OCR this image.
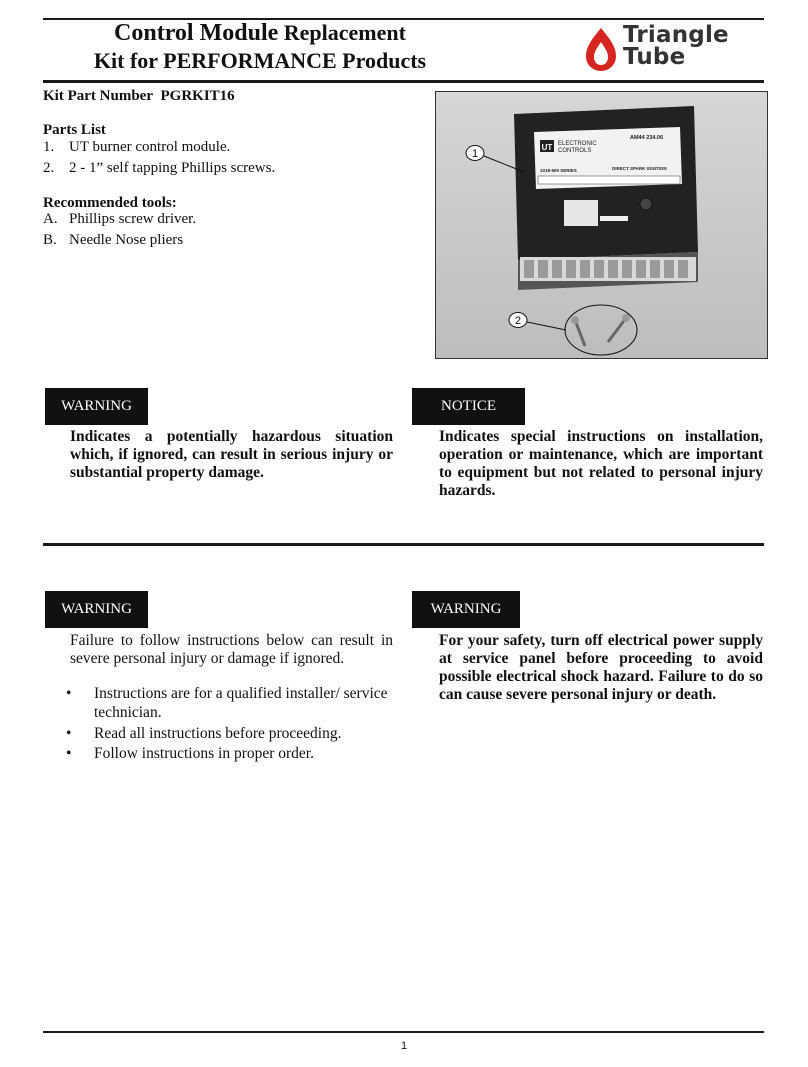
Control Module Replacement
Kit for PERFORMANCE Products
Triangle
Tube
Kit Part Number PGRKIT16
Parts List
1. UT burner control module.
2. 2 - 1” self tapping Phillips screws.
Recommended tools:
A. Phillips screw driver.
B. Needle Nose pliers
UT ELECTRONIC
CONTROLS
AM44 234.06
1018-500 SERIES	DIRECT SPARK IGNITION
1
2
WARNING
Indicates a potentially hazardous situation which, if ignored, can result in serious injury or substantial property damage.
NOTICE
Indicates special instructions on installation, operation or maintenance, which are important to equipment but not related to personal injury hazards.
WARNING
Failure to follow instructions below can result in severe personal injury or damage if ignored.
• Instructions are for a qualified installer/ service technician.
• Read all instructions before proceeding.
• Follow instructions in proper order.
WARNING
For your safety, turn off electrical power supply at service panel before proceeding to avoid possible electrical shock hazard. Failure to do so can cause severe personal injury or death.
1
